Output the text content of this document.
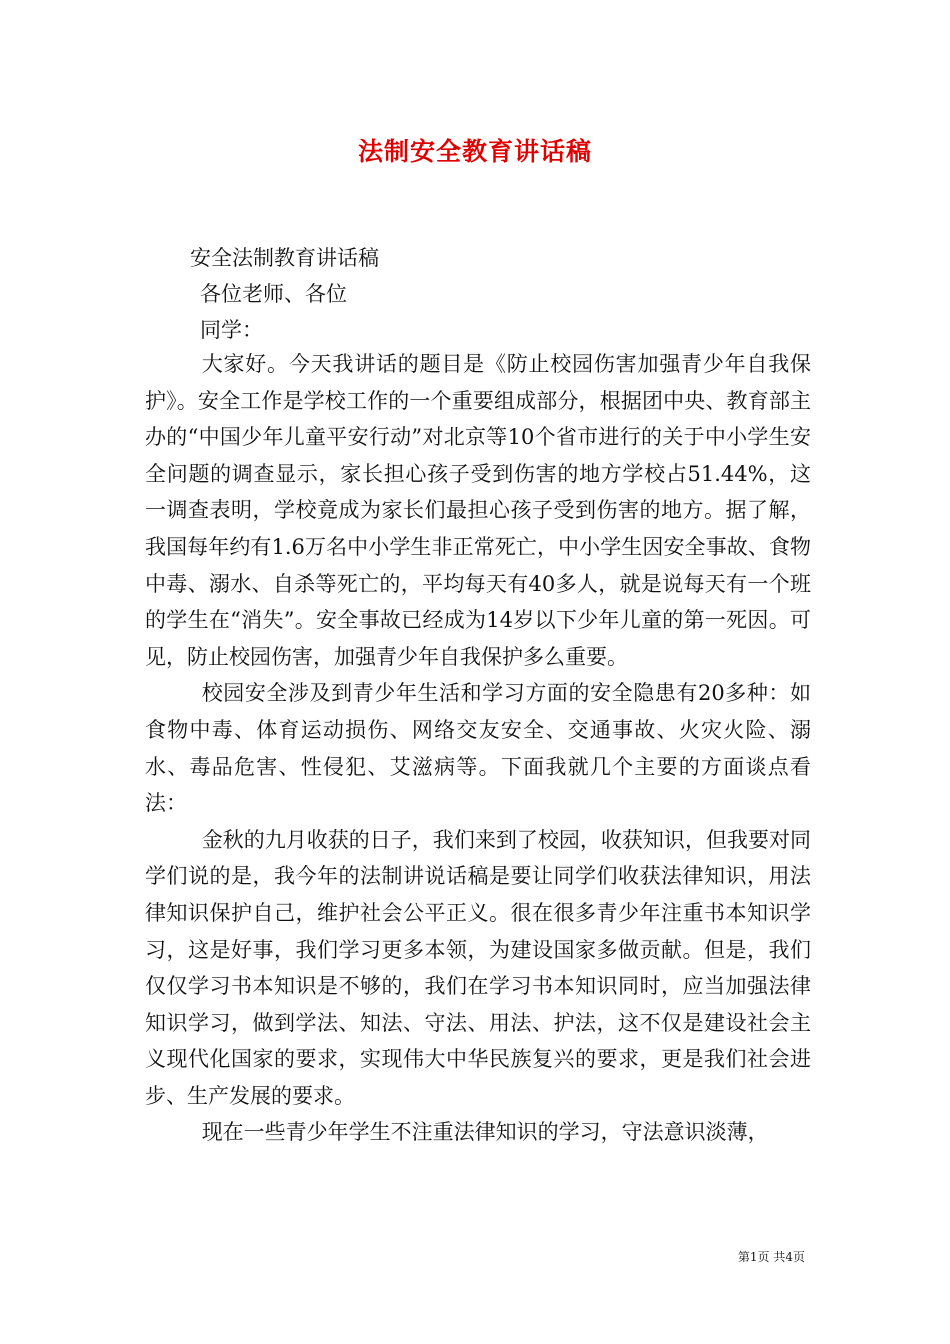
法制安全教育讲话稿
安全法制教育讲话稿
各位老师、各位
同学：

大家好。今天我讲话的题目是《防止校园伤害加强青少年自我保护》。安全工作是学校工作的一个重要组成部分，根据团中央、教育部主办的“中国少年儿童平安行动”对北京等10个省市进行的关于中小学生安全问题的调查显示，家长担心孩子受到伤害的地方学校占51.44%，这一调查表明，学校竟成为家长们最担心孩子受到伤害的地方。据了解，我国每年约有1.6万名中小学生非正常死亡，中小学生因安全事故、食物中毒、溺水、自杀等死亡的，平均每天有40多人，就是说每天有一个班的学生在“消失”。安全事故已经成为14岁以下少年儿童的第一死因。可见，防止校园伤害，加强青少年自我保护多么重要。

校园安全涉及到青少年生活和学习方面的安全隐患有20多种：如食物中毒、体育运动损伤、网络交友安全、交通事故、火灾火险、溺水、毒品危害、性侵犯、艾滋病等。下面我就几个主要的方面谈点看法：

金秋的九月收获的日子，我们来到了校园，收获知识，但我要对同学们说的是，我今年的法制讲说话稿是要让同学们收获法律知识，用法律知识保护自己，维护社会公平正义。很在很多青少年注重书本知识学习，这是好事，我们学习更多本领，为建设国家多做贡献。但是，我们仅仅学习书本知识是不够的，我们在学习书本知识同时，应当加强法律知识学习，做到学法、知法、守法、用法、护法，这不仅是建设社会主义现代化国家的要求，实现伟大中华民族复兴的要求，更是我们社会进步、生产发展的要求。

现在一些青少年学生不注重法律知识的学习，守法意识淡薄，

第1页 共4页
